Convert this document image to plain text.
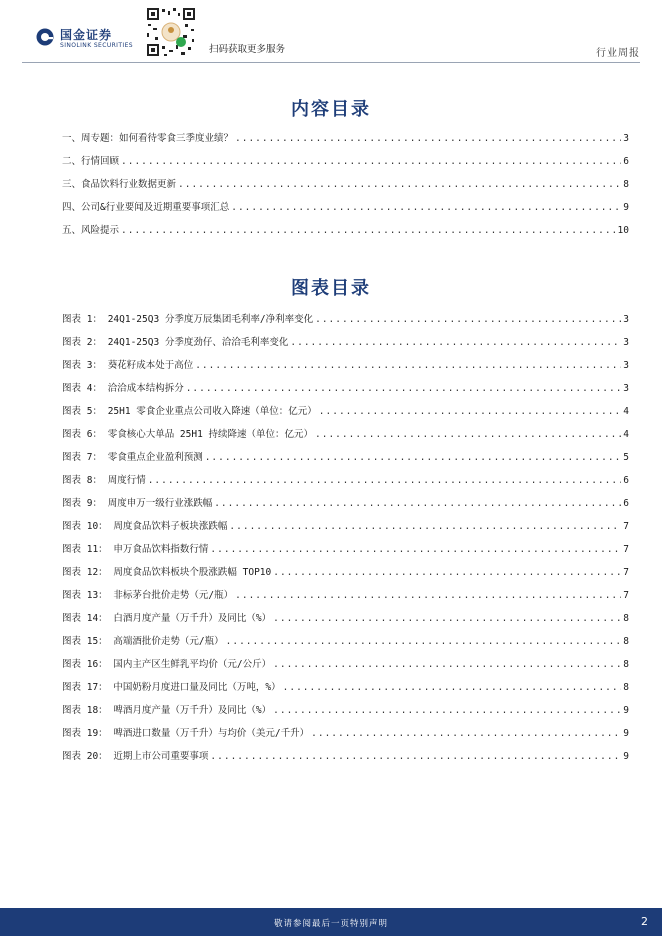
国金证券
SINOLINK SECURITIES	扫码获取更多服务	行业周报
内容目录
一、周专题：如何看待零食三季度业绩？ .....	3
二、行情回顾 .....	6
三、食品饮料行业数据更新 .....	8
四、公司&行业要闻及近期重要事项汇总 .....	9
五、风险提示 .....	10
图表目录
图表 1： 24Q1-25Q3 分季度万辰集团毛利率/净利率变化 .....	3
图表 2： 24Q1-25Q3 分季度劲仔、洽洽毛利率变化 .....	3
图表 3： 葵花籽成本处于高位 .....	3
图表 4： 洽洽成本结构拆分 .....	3
图表 5： 25H1 零食企业重点公司收入降速（单位：亿元） .....	4
图表 6： 零食核心大单品 25H1 持续降速（单位：亿元） .....	4
图表 7： 零食重点企业盈利预测 .....	5
图表 8： 周度行情 .....	6
图表 9： 周度申万一级行业涨跌幅 .....	6
图表 10： 周度食品饮料子板块涨跌幅 .....	7
图表 11： 申万食品饮料指数行情 .....	7
图表 12： 周度食品饮料板块个股涨跌幅 TOP10 .....	7
图表 13： 非标茅台批价走势（元/瓶） .....	7
图表 14： 白酒月度产量（万千升）及同比（%） .....	8
图表 15： 高端酒批价走势（元/瓶） .....	8
图表 16： 国内主产区生鲜乳平均价（元/公斤） .....	8
图表 17： 中国奶粉月度进口量及同比（万吨，%） .....	8
图表 18： 啤酒月度产量（万千升）及同比（%） .....	9
图表 19： 啤酒进口数量（万千升）与均价（美元/千升） .....	9
图表 20： 近期上市公司重要事项 .....	9
敬请参阅最后一页特别声明	2
